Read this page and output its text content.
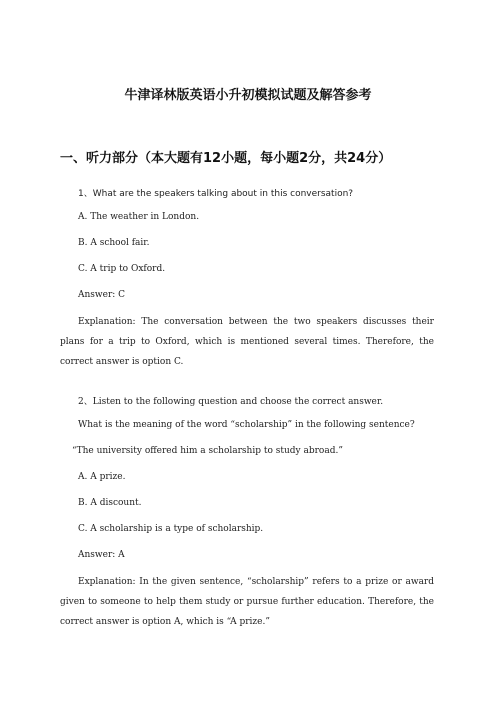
牛津译林版英语小升初模拟试题及解答参考
一、听力部分（本大题有12小题，每小题2分，共24分）
1、What are the speakers talking about in this conversation?
A. The weather in London.
B. A school fair.
C. A trip to Oxford.
Answer: C
Explanation: The conversation between the two speakers discusses their plans for a trip to Oxford, which is mentioned several times. Therefore, the correct answer is option C.
2、Listen to the following question and choose the correct answer.
What is the meaning of the word “scholarship” in the following sentence?
“The university offered him a scholarship to study abroad.”
A. A prize.
B. A discount.
C. A scholarship is a type of scholarship.
Answer: A
Explanation: In the given sentence, “scholarship” refers to a prize or award given to someone to help them study or pursue further education. Therefore, the correct answer is option A, which is “A prize.”
